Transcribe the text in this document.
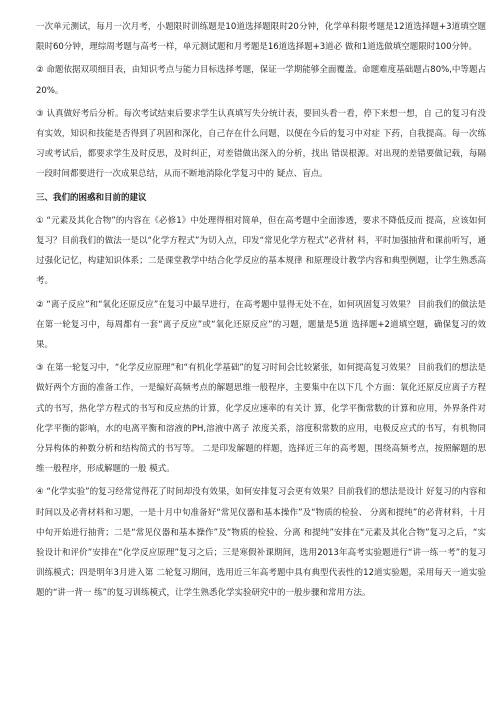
一次单元测试，每月一次月考，小题限时训练题是10道选择题限时20分钟，化学单科限考题是12道选择题+3道填空题限时60分钟，理综周考题与高考一样，单元测试题和月考题是16道选择题+3道必 做和1道选做填空题限时100分钟。

② 命题依据双项细目表，由知识考点与能力目标选择考题，保证一学期能够全面覆盖。命题难度基础题占80%,中等题占20%。

③ 认真做好考后分析。每次考试结束后要求学生认真填写失分统计表，要回头看一看，停下来想一想，自 己的复习有没有实效，知识和技能是否得到了巩固和深化，自己存在什么问题，以便在今后的复习中对症 下药，自我提高。每一次练习或考试后，都要求学生及时反思，及时纠正，对差错做出深入的分析，找出 错误根源。对出现的差错要做记载，每隔一段时间都要进行一次成果总结，从而不断地消除化学复习中的 疑点、盲点。

三、我们的困惑和目前的建议

① “元素及其化合物”的内容在《必修1》中处理得相对简单，但在高考题中全面渗透，要求不降低反而 提高，应该如何复习？目前我们的做法一是以“化学方程式”为切入点，印发“常见化学方程式”必背材 料，平时加强抽背和课前听写，通过强化记忆，构建知识体系；二是课堂教学中结合化学反应的基本规律 和原理设计教学内容和典型例题，让学生熟悉高考。

② “离子反应”和“氧化还原反应”在复习中最早进行，在高考题中显得无处不在，如何巩固复习效果？ 目前我们的做法是在第一轮复习中，每周都有一套“离子反应”或“氧化还原反应”的习题，题量是5道 选择题+2道填空题，确保复习的效果。

③ 在第一轮复习中，“化学反应原理”和“有机化学基础”的复习时间会比较紧张，如何提高复习效果？ 目前我们的想法是做好两个方面的准备工作，一是编好高频考点的解题思维一般程序，主要集中在以下几 个方面：氧化还原反应离子方程式的书写，热化学方程式的书写和反应热的计算，化学反应速率的有关计 算，化学平衡常数的计算和应用，外界条件对化学平衡的影响，水的电离平衡和溶液的PH,溶液中离子 浓度关系，溶度积常数的应用，电极反应式的书写，有机物同分异构体的种数分析和结构简式的书写等。 二是印发解题的样题，选择近三年的高考题，围绕高频考点，按照解题的思维一般程序，形成解题的一般 模式。

④ “化学实验”的复习经常觉得花了时间却没有效果，如何安排复习会更有效果？目前我们的想法是设计 好复习的内容和时间以及必背材料和习题，一是十月中旬准备好“常见仪器和基本操作”及“物质的检验、 分离和提纯”的必背材料，十月中旬开始进行抽背；二是“常见仪器和基本操作”及“物质的检验、分离 和提纯”安排在“元素及其化合物”复习之后，“实验设计和评价”安排在“化学反应原理”复习之后；三是寒假补课期间，选用2013年高考实验题进行“讲一练一考”的复习训练模式；四是明年3月进入第 二轮复习期间，选用近三年高考题中具有典型代表性的12道实验题，采用每天一道实验题的“讲一背一 练”的复习训练模式，让学生熟悉化学实验研究中的一般步骤和常用方法。
